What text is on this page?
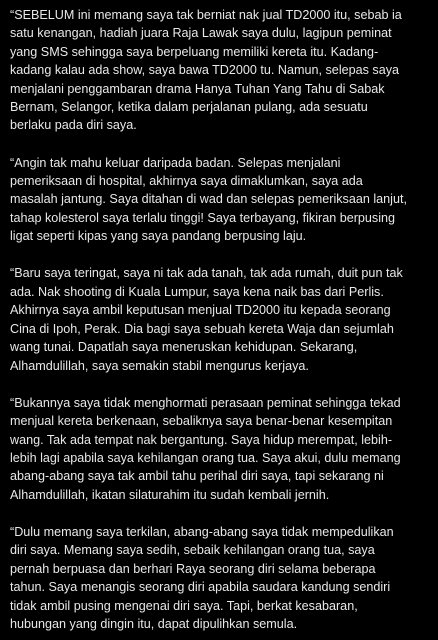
“SEBELUM ini memang saya tak berniat nak jual TD2000 itu, sebab ia
satu kenangan, hadiah juara Raja Lawak saya dulu, lagipun peminat
yang SMS sehingga saya berpeluang memiliki kereta itu. Kadang-
kadang kalau ada show, saya bawa TD2000 tu. Namun, selepas saya
menjalani penggambaran drama Hanya Tuhan Yang Tahu di Sabak
Bernam, Selangor, ketika dalam perjalanan pulang, ada sesuatu
berlaku pada diri saya.
“Angin tak mahu keluar daripada badan. Selepas menjalani
pemeriksaan di hospital, akhirnya saya dimaklumkan, saya ada
masalah jantung. Saya ditahan di wad dan selepas pemeriksaan lanjut,
tahap kolesterol saya terlalu tinggi! Saya terbayang, fikiran berpusing
ligat seperti kipas yang saya pandang berpusing laju.
“Baru saya teringat, saya ni tak ada tanah, tak ada rumah, duit pun tak
ada. Nak shooting di Kuala Lumpur, saya kena naik bas dari Perlis.
Akhirnya saya ambil keputusan menjual TD2000 itu kepada seorang
Cina di Ipoh, Perak. Dia bagi saya sebuah kereta Waja dan sejumlah
wang tunai. Dapatlah saya meneruskan kehidupan. Sekarang,
Alhamdulillah, saya semakin stabil mengurus kerjaya.
“Bukannya saya tidak menghormati perasaan peminat sehingga tekad
menjual kereta berkenaan, sebaliknya saya benar-benar kesempitan
wang. Tak ada tempat nak bergantung. Saya hidup merempat, lebih-
lebih lagi apabila saya kehilangan orang tua. Saya akui, dulu memang
abang-abang saya tak ambil tahu perihal diri saya, tapi sekarang ni
Alhamdulillah, ikatan silaturahim itu sudah kembali jernih.
“Dulu memang saya terkilan, abang-abang saya tidak mempedulikan
diri saya. Memang saya sedih, sebaik kehilangan orang tua, saya
pernah berpuasa dan berhari Raya seorang diri selama beberapa
tahun. Saya menangis seorang diri apabila saudara kandung sendiri
tidak ambil pusing mengenai diri saya. Tapi, berkat kesabaran,
hubungan yang dingin itu, dapat dipulihkan semula.
